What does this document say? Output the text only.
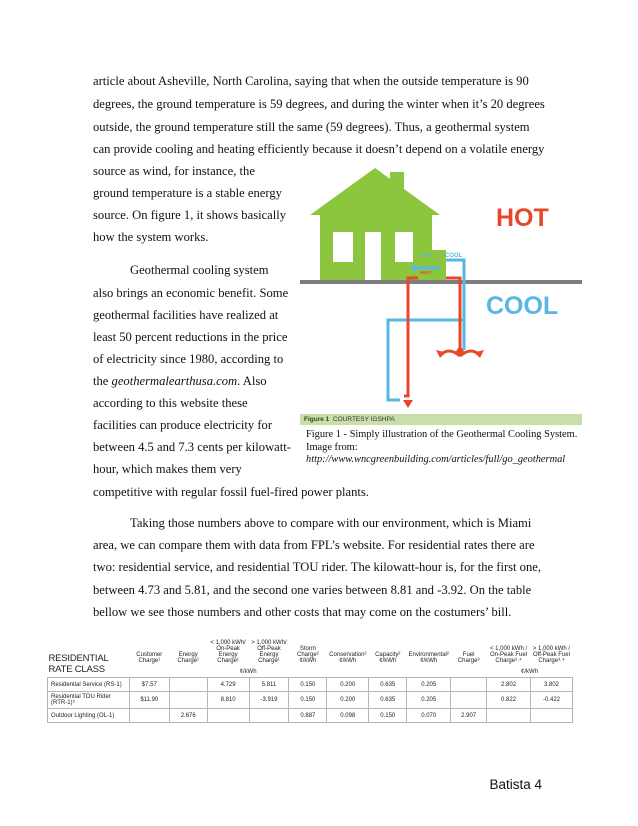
article about Asheville, North Carolina, saying that when the outside temperature is 90
degrees, the ground temperature is 59 degrees, and during the winter when it’s 20 degrees
outside, the ground temperature still the same (59 degrees). Thus, a geothermal system
can provide cooling and heating efficiently because it doesn’t depend on a volatile energy
source as wind, for instance, the
ground temperature is a stable energy
source. On figure 1, it shows basically
how the system works.
Geothermal cooling system
also brings an economic benefit. Some
geothermal facilities have realized at
least 50 percent reductions in the price
of electricity since 1980, according to
the geothermalearthusa.com. Also
according to this website these
facilities can produce electricity for
between 4.5 and 7.3 cents per kilowatt-
hour, which makes them very
competitive with regular fossil fuel-fired power plants.
HOT
COOL
COOL
HEAT
VENT
Figure 1 COURTESY IGSHPA
Figure 1 - Simply illustration of the Geothermal Cooling System.
Image from:
http://www.wncgreenbuilding.com/articles/full/go_geothermal
Taking those numbers above to compare with our environment, which is Miami
area, we can compare them with data from FPL’s website. For residential rates there are
two: residential service, and residential TOU rider. The kilowatt-hour is, for the first one,
between 4.73 and 5.81, and the second one varies between 8.81 and -3.92. On the table
bellow we see those numbers and other costs that may come on the costumers’ bill.
RESIDENTIAL RATE CLASS	Customer Charge¹	Energy Charge¹	< 1,000 kWh/ On-Peak Energy Charge¹	> 1,000 kWh/ Off-Peak Energy Charge¹	Storm Charge² ¢/kWh	Conservation² ¢/kWh	Capacity² ¢/kWh	Environmental² ¢/kWh	Fuel Charge³	< 1,000 kWh / On-Peak Fuel Charge³˒⁴	> 1,000 kWh / Off-Peak Fuel Charge³˒⁴
			¢/kWh							¢/kWh	
Residential Service (RS-1)	$7.57		4.729	5.811	0.150	0.200	0.635	0.205		2.802	3.802
Residential TOU Rider (RTR-1)⁵	$11.90		8.810	-3.919	0.150	0.200	0.635	0.205		0.822	-0.422
Outdoor Lighting (OL-1)		2.676			0.887	0.098	0.150	0.070	2.907		
Batista 4
